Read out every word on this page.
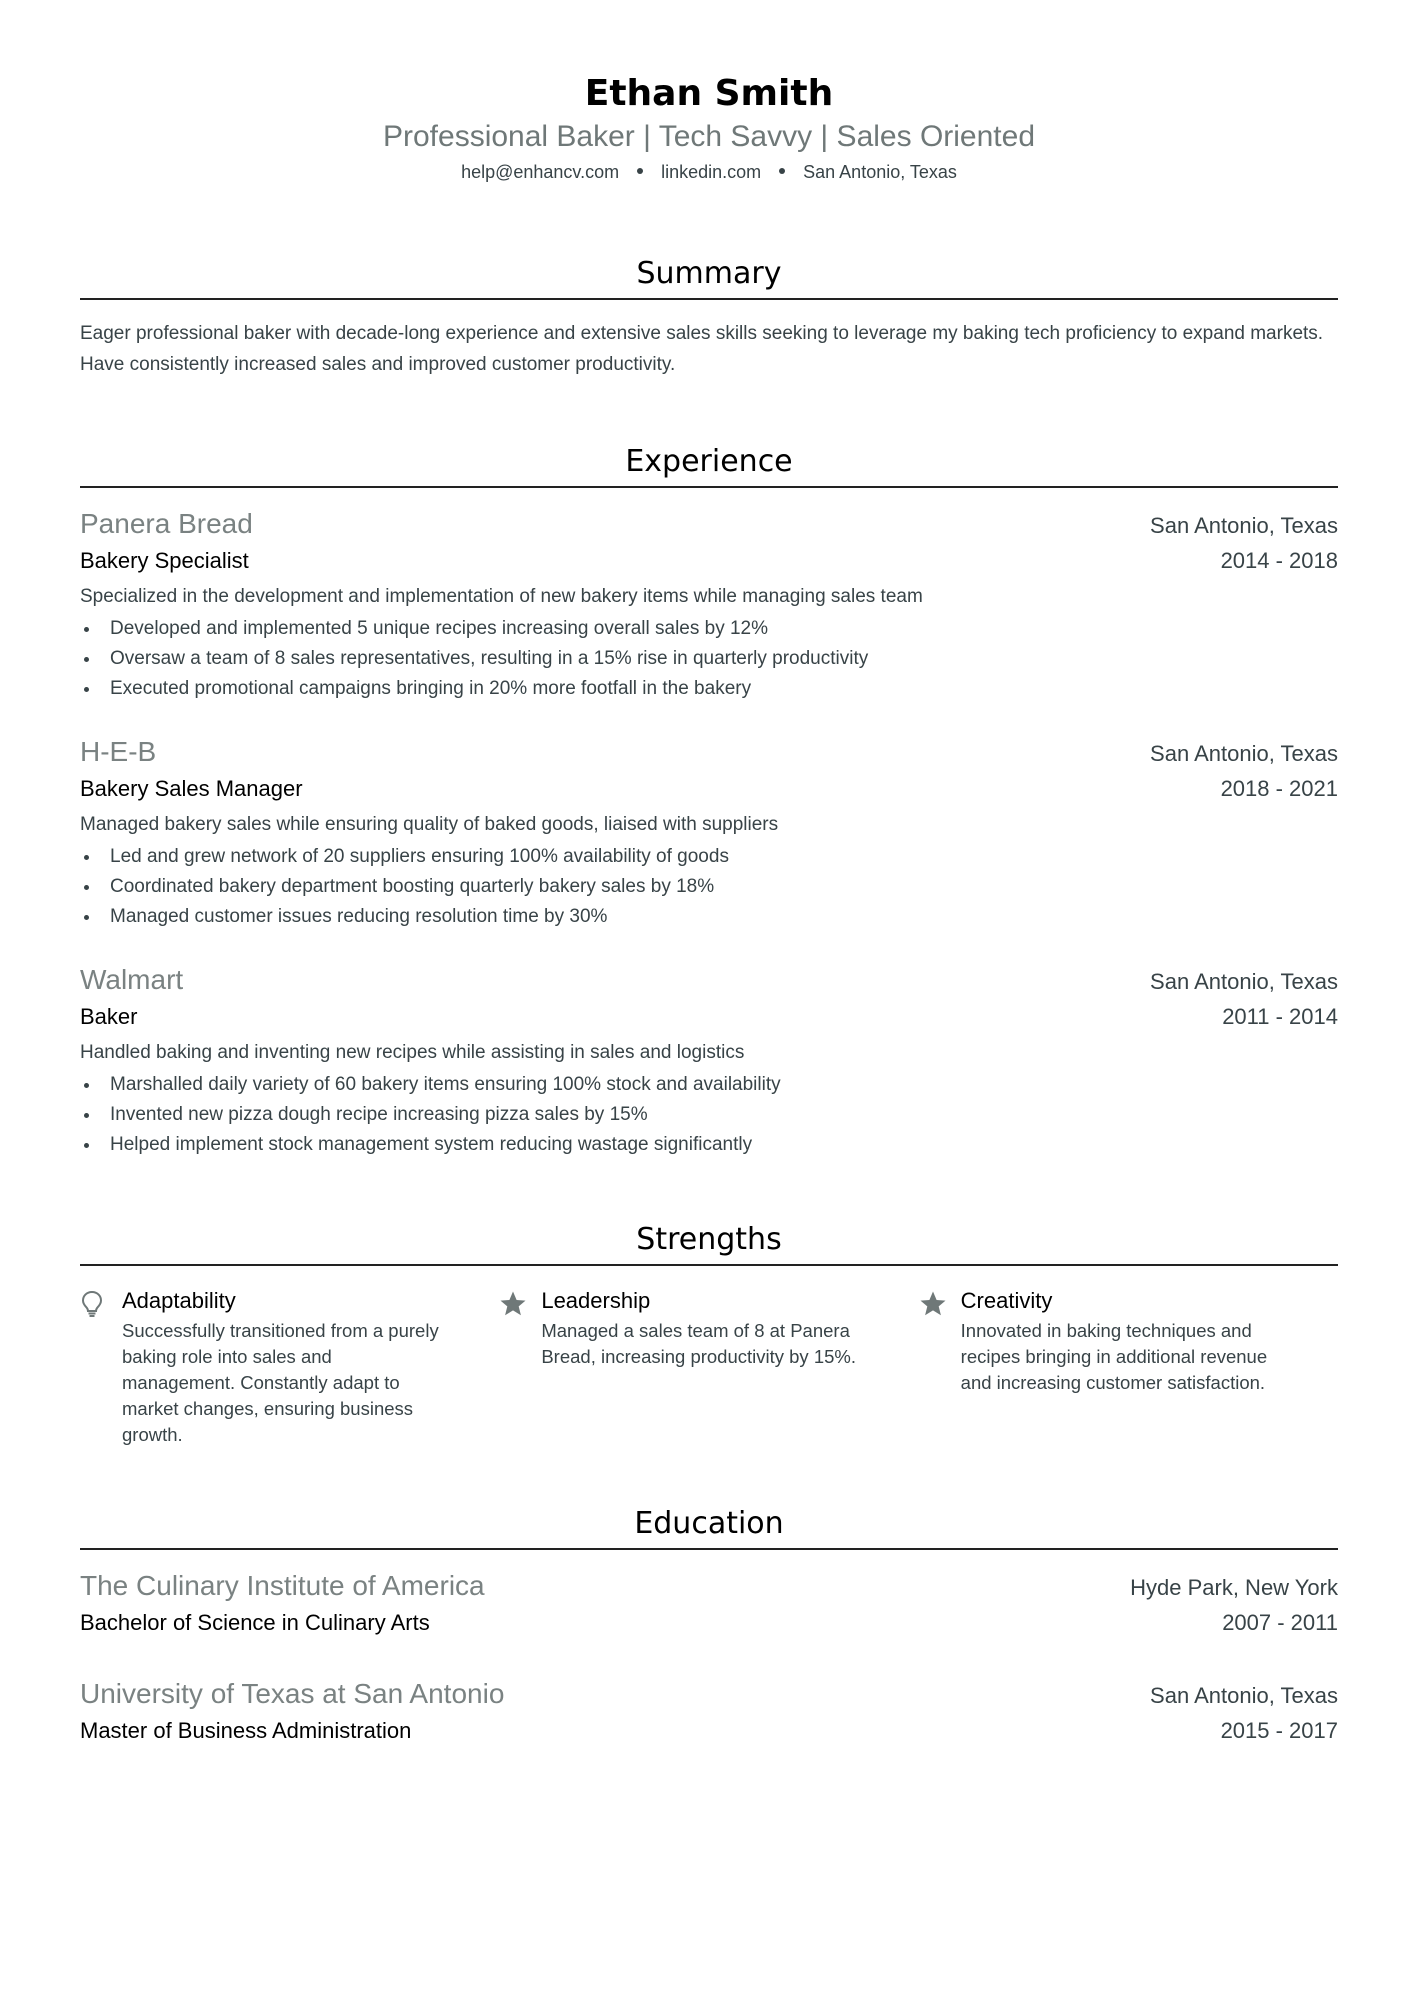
Ethan Smith
Professional Baker | Tech Savvy | Sales Oriented
help@enhancv.com linkedin.com San Antonio, Texas
Summary
Eager professional baker with decade-long experience and extensive sales skills seeking to leverage my baking tech proficiency to expand markets. Have consistently increased sales and improved customer productivity.
Experience
Panera Bread	San Antonio, Texas
Bakery Specialist	2014 - 2018
Specialized in the development and implementation of new bakery items while managing sales team
Developed and implemented 5 unique recipes increasing overall sales by 12%
Oversaw a team of 8 sales representatives, resulting in a 15% rise in quarterly productivity
Executed promotional campaigns bringing in 20% more footfall in the bakery
H-E-B	San Antonio, Texas
Bakery Sales Manager	2018 - 2021
Managed bakery sales while ensuring quality of baked goods, liaised with suppliers
Led and grew network of 20 suppliers ensuring 100% availability of goods
Coordinated bakery department boosting quarterly bakery sales by 18%
Managed customer issues reducing resolution time by 30%
Walmart	San Antonio, Texas
Baker	2011 - 2014
Handled baking and inventing new recipes while assisting in sales and logistics
Marshalled daily variety of 60 bakery items ensuring 100% stock and availability
Invented new pizza dough recipe increasing pizza sales by 15%
Helped implement stock management system reducing wastage significantly
Strengths
Adaptability
Successfully transitioned from a purely baking role into sales and management. Constantly adapt to market changes, ensuring business growth.
Leadership
Managed a sales team of 8 at Panera Bread, increasing productivity by 15%.
Creativity
Innovated in baking techniques and recipes bringing in additional revenue and increasing customer satisfaction.
Education
The Culinary Institute of America	Hyde Park, New York
Bachelor of Science in Culinary Arts	2007 - 2011
University of Texas at San Antonio	San Antonio, Texas
Master of Business Administration	2015 - 2017
